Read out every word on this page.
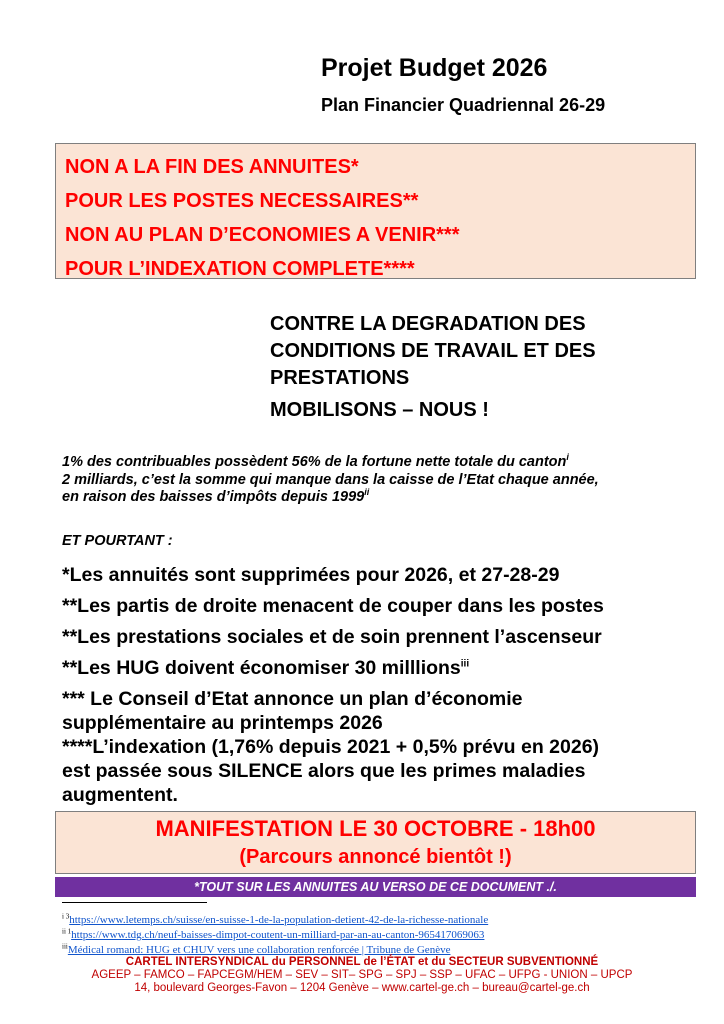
Projet Budget 2026
Plan Financier Quadriennal 26-29
NON A LA FIN DES ANNUITES*
POUR LES POSTES NECESSAIRES**
NON AU PLAN D’ECONOMIES A VENIR***
POUR L’INDEXATION COMPLETE****
CONTRE LA DEGRADATION DES
CONDITIONS DE TRAVAIL ET DES
PRESTATIONS
MOBILISONS – NOUS !
1% des contribuables possèdent 56% de la fortune nette totale du canton$^i$
2 milliards, c’est la somme qui manque dans la caisse de l’Etat chaque année,
en raison des baisses d’impôts depuis 1999$^{ii}$
ET POURTANT :
*Les annuités sont supprimées pour 2026, et 27-28-29
**Les partis de droite menacent de couper dans les postes
**Les prestations sociales et de soin prennent l’ascenseur
**Les HUG doivent économiser 30 milllions$^{iii}$
*** Le Conseil d’Etat annonce un plan d’économie
supplémentaire au printemps 2026
****L’indexation (1,76% depuis 2021 + 0,5% prévu en 2026)
est passée sous SILENCE alors que les primes maladies
augmentent.
MANIFESTATION LE 30 OCTOBRE - 18h00
(Parcours annoncé bientôt !)
*TOUT SUR LES ANNUITES AU VERSO DE CE DOCUMENT ./.
$^{i 3}$https://www.letemps.ch/suisse/en-suisse-1-de-la-population-detient-42-de-la-richesse-nationale
$^{ii 1}$https://www.tdg.ch/neuf-baisses-dimpot-coutent-un-milliard-par-an-au-canton-965417069063
$^{iii}$Médical romand: HUG et CHUV vers une collaboration renforcée | Tribune de Genève
CARTEL INTERSYNDICAL du PERSONNEL de l’ÉTAT et du SECTEUR SUBVENTIONNÉ
AGEEP – FAMCO – FAPCEGM/HEM – SEV – SIT– SPG – SPJ – SSP – UFAC – UFPG - UNION – UPCP
14, boulevard Georges-Favon – 1204 Genève – www.cartel-ge.ch – bureau@cartel-ge.ch
